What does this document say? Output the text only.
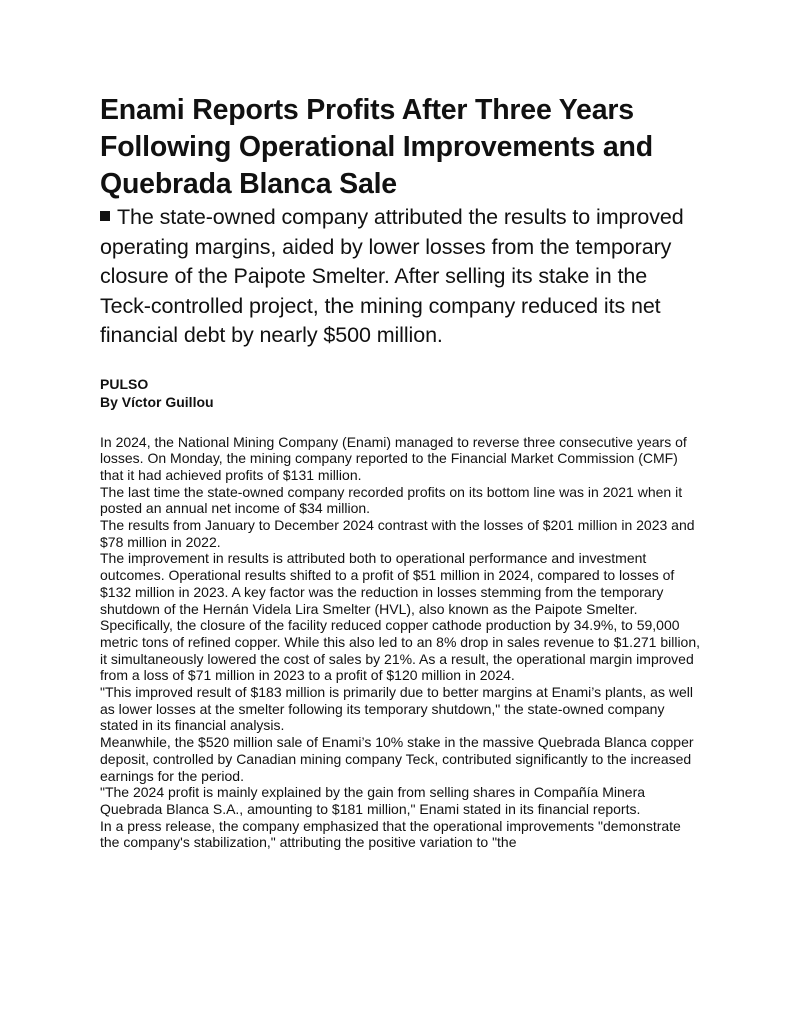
Enami Reports Profits After Three Years Following Operational Improvements and Quebrada Blanca Sale

The state-owned company attributed the results to improved operating margins, aided by lower losses from the temporary closure of the Paipote Smelter. After selling its stake in the Teck-controlled project, the mining company reduced its net financial debt by nearly $500 million.

PULSO
By Víctor Guillou

In 2024, the National Mining Company (Enami) managed to reverse three consecutive years of losses. On Monday, the mining company reported to the Financial Market Commission (CMF) that it had achieved profits of $131 million.

The last time the state-owned company recorded profits on its bottom line was in 2021 when it posted an annual net income of $34 million.

The results from January to December 2024 contrast with the losses of $201 million in 2023 and $78 million in 2022.

The improvement in results is attributed both to operational performance and investment outcomes. Operational results shifted to a profit of $51 million in 2024, compared to losses of $132 million in 2023. A key factor was the reduction in losses stemming from the temporary shutdown of the Hernán Videla Lira Smelter (HVL), also known as the Paipote Smelter.

Specifically, the closure of the facility reduced copper cathode production by 34.9%, to 59,000 metric tons of refined copper. While this also led to an 8% drop in sales revenue to $1.271 billion, it simultaneously lowered the cost of sales by 21%. As a result, the operational margin improved from a loss of $71 million in 2023 to a profit of $120 million in 2024.

"This improved result of $183 million is primarily due to better margins at Enami’s plants, as well as lower losses at the smelter following its temporary shutdown," the state-owned company stated in its financial analysis.

Meanwhile, the $520 million sale of Enami’s 10% stake in the massive Quebrada Blanca copper deposit, controlled by Canadian mining company Teck, contributed significantly to the increased earnings for the period.

"The 2024 profit is mainly explained by the gain from selling shares in Compañía Minera Quebrada Blanca S.A., amounting to $181 million," Enami stated in its financial reports.

In a press release, the company emphasized that the operational improvements "demonstrate the company's stabilization," attributing the positive variation to "the
